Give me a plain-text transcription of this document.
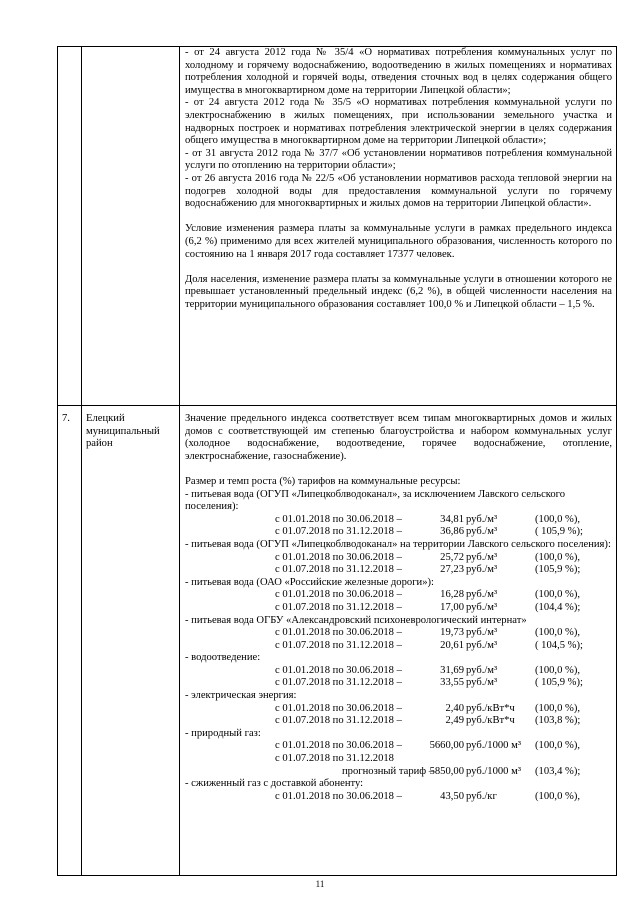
- от 24 августа 2012 года № 35/4 «О нормативах потребления коммунальных услуг по холодному и горячему водоснабжению, водоотведению в жилых помещениях и нормативах потребления холодной и горячей воды, отведения сточных вод в целях содержания общего имущества в многоквартирном доме на территории Липецкой области»;

- от 24 августа 2012 года № 35/5 «О нормативах потребления коммунальной услуги по электроснабжению в жилых помещениях, при использовании земельного участка и надворных построек и нормативах потребления электрической энергии в целях содержания общего имущества в многоквартирном доме на территории Липецкой области»;

- от 31 августа 2012 года № 37/7 «Об установлении нормативов потребления коммунальной услуги по отоплению на территории области»;

- от 26 августа 2016 года № 22/5 «Об установлении нормативов расхода тепловой энергии на подогрев холодной воды для предоставления коммунальной услуги по горячему водоснабжению для многоквартирных и жилых домов на территории Липецкой области».

Условие изменения размера платы за коммунальные услуги в рамках предельного индекса (6,2 %) применимо для всех жителей муниципального образования, численность которого по состоянию на 1 января 2017 года составляет 17377 человек.

Доля населения, изменение размера платы за коммунальные услуги в отношении которого не превышает установленный предельный индекс (6,2 %), в общей численности населения на территории муниципального образования составляет 100,0 % и Липецкой области – 1,5 %.

7.	Елецкий муниципальный район

Значение предельного индекса соответствует всем типам многоквартирных домов и жилых домов с соответствующей им степенью благоустройства и набором коммунальных услуг (холодное водоснабжение, водоотведение, горячее водоснабжение, отопление, электроснабжение, газоснабжение).

Размер и темп роста (%) тарифов на коммунальные ресурсы:

- питьевая вода (ОГУП «Липецкоблводоканал», за исключением Лавского сельского поселения):

с 01.01.2018 по 30.06.2018 –	34,81 руб./м³	(100,0 %),
с 01.07.2018 по 31.12.2018 –	36,86 руб./м³	( 105,9 %);

- питьевая вода (ОГУП «Липецкоблводоканал» на территории Лавского сельского поселения):

с 01.01.2018 по 30.06.2018 –	25,72 руб./м³	(100,0 %),
с 01.07.2018 по 31.12.2018 –	27,23 руб./м³	(105,9 %);

- питьевая вода (ОАО «Российские железные дороги»):

с 01.01.2018 по 30.06.2018 –	16,28 руб./м³	(100,0 %),
с 01.07.2018 по 31.12.2018 –	17,00 руб./м³	(104,4 %);

- питьевая вода ОГБУ «Александровский психоневрологический интернат»

с 01.01.2018 по 30.06.2018 –	19,73 руб./м³	(100,0 %),
с 01.07.2018 по 31.12.2018 –	20,61 руб./м³	( 104,5 %);

- водоотведение:

с 01.01.2018 по 30.06.2018 –	31,69 руб./м³	(100,0 %),
с 01.07.2018 по 31.12.2018 –	33,55 руб./м³	( 105,9 %);

- электрическая энергия:

с 01.01.2018 по 30.06.2018 –	2,40 руб./кВт*ч (100,0 %),
с 01.07.2018 по 31.12.2018 –	2,49 руб./кВт*ч (103,8 %);

- природный газ:

с 01.01.2018 по 30.06.2018 –	5660,00 руб./1000 м³ (100,0 %),
с 01.07.2018 по 31.12.2018
прогнозный тариф –
5850,00 руб./1000 м³ (103,4 %);

- сжиженный газ с доставкой абоненту:

с 01.01.2018 по 30.06.2018 –	43,50 руб./кг	(100,0 %),
11
